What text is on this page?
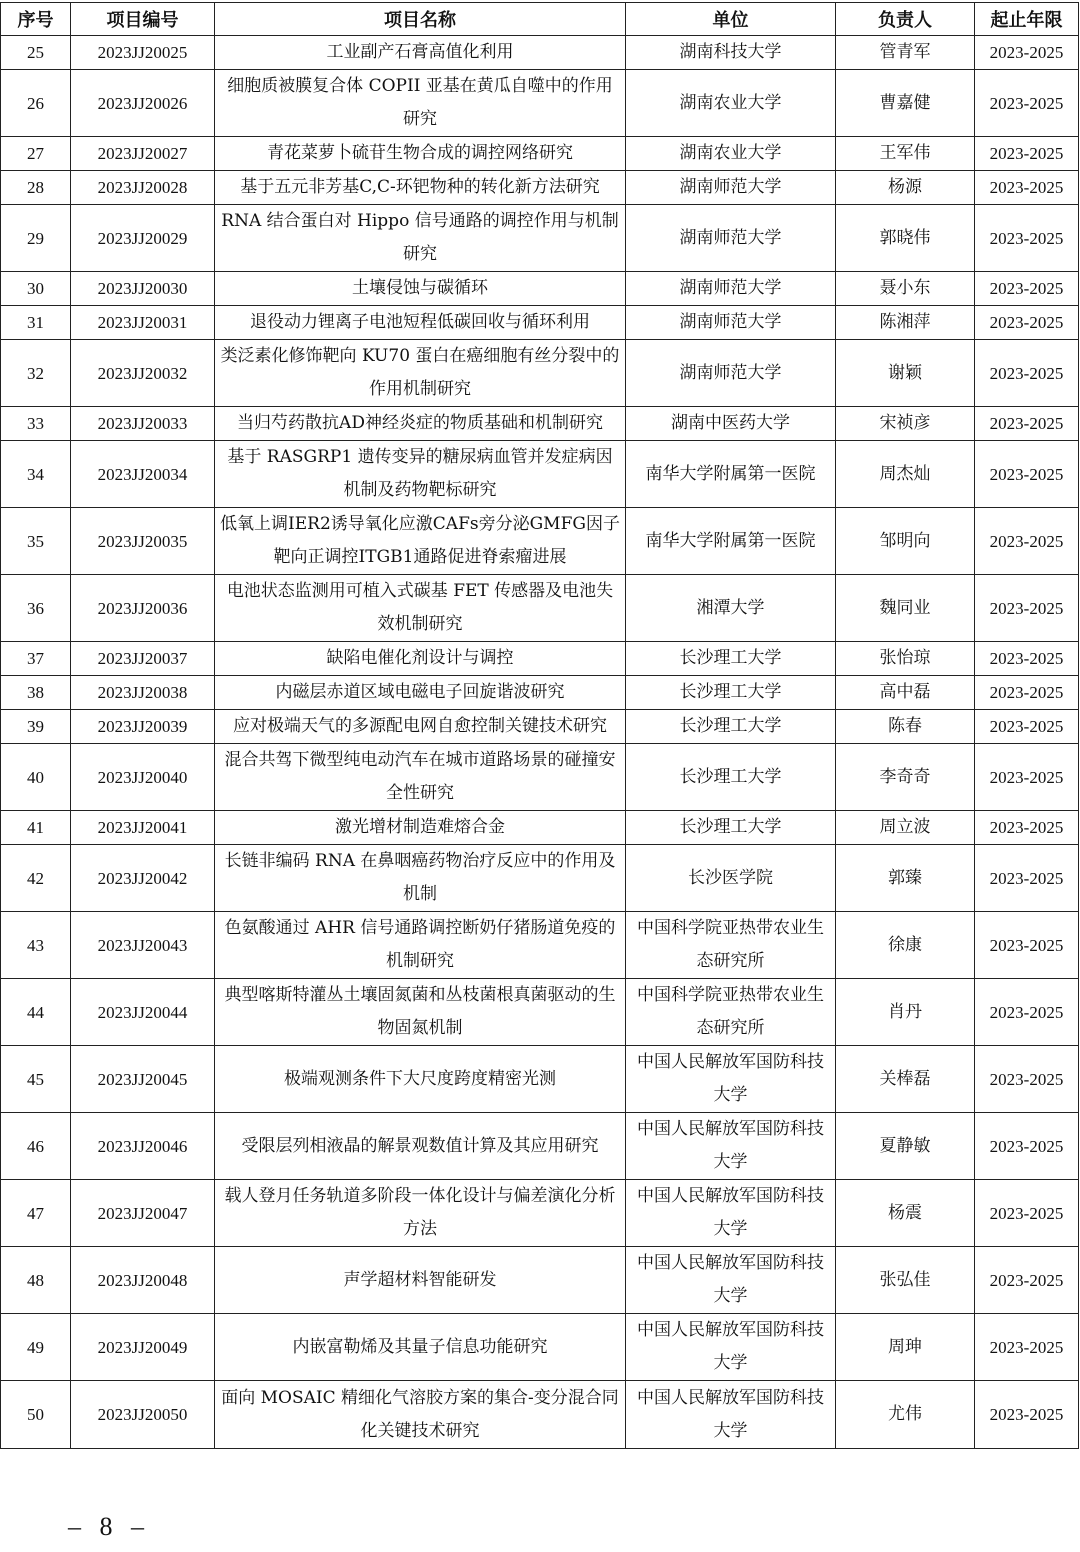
序号	项目编号	项目名称	单位	负责人	起止年限
25	2023JJ20025	工业副产石膏高值化利用	湖南科技大学	管青军	2023-2025
26	2023JJ20026	细胞质被膜复合体 COPII 亚基在黄瓜自噬中的作用研究	湖南农业大学	曹嘉健	2023-2025
27	2023JJ20027	青花菜萝卜硫苷生物合成的调控网络研究	湖南农业大学	王军伟	2023-2025
28	2023JJ20028	基于五元非芳基C,C-环钯物种的转化新方法研究	湖南师范大学	杨源	2023-2025
29	2023JJ20029	RNA 结合蛋白对 Hippo 信号通路的调控作用与机制研究	湖南师范大学	郭晓伟	2023-2025
30	2023JJ20030	土壤侵蚀与碳循环	湖南师范大学	聂小东	2023-2025
31	2023JJ20031	退役动力锂离子电池短程低碳回收与循环利用	湖南师范大学	陈湘萍	2023-2025
32	2023JJ20032	类泛素化修饰靶向 KU70 蛋白在癌细胞有丝分裂中的作用机制研究	湖南师范大学	谢颖	2023-2025
33	2023JJ20033	当归芍药散抗AD神经炎症的物质基础和机制研究	湖南中医药大学	宋祯彦	2023-2025
34	2023JJ20034	基于 RASGRP1 遗传变异的糖尿病血管并发症病因机制及药物靶标研究	南华大学附属第一医院	周杰灿	2023-2025
35	2023JJ20035	低氧上调IER2诱导氧化应激CAFs旁分泌GMFG因子靶向正调控ITGB1通路促进脊索瘤进展	南华大学附属第一医院	邹明向	2023-2025
36	2023JJ20036	电池状态监测用可植入式碳基 FET 传感器及电池失效机制研究	湘潭大学	魏同业	2023-2025
37	2023JJ20037	缺陷电催化剂设计与调控	长沙理工大学	张怡琼	2023-2025
38	2023JJ20038	内磁层赤道区域电磁电子回旋谐波研究	长沙理工大学	高中磊	2023-2025
39	2023JJ20039	应对极端天气的多源配电网自愈控制关键技术研究	长沙理工大学	陈春	2023-2025
40	2023JJ20040	混合共驾下微型纯电动汽车在城市道路场景的碰撞安全性研究	长沙理工大学	李奇奇	2023-2025
41	2023JJ20041	激光增材制造难熔合金	长沙理工大学	周立波	2023-2025
42	2023JJ20042	长链非编码 RNA 在鼻咽癌药物治疗反应中的作用及机制	长沙医学院	郭臻	2023-2025
43	2023JJ20043	色氨酸通过 AHR 信号通路调控断奶仔猪肠道免疫的机制研究	中国科学院亚热带农业生态研究所	徐康	2023-2025
44	2023JJ20044	典型喀斯特灌丛土壤固氮菌和丛枝菌根真菌驱动的生物固氮机制	中国科学院亚热带农业生态研究所	肖丹	2023-2025
45	2023JJ20045	极端观测条件下大尺度跨度精密光测	中国人民解放军国防科技大学	关棒磊	2023-2025
46	2023JJ20046	受限层列相液晶的解景观数值计算及其应用研究	中国人民解放军国防科技大学	夏静敏	2023-2025
47	2023JJ20047	载人登月任务轨道多阶段一体化设计与偏差演化分析方法	中国人民解放军国防科技大学	杨震	2023-2025
48	2023JJ20048	声学超材料智能研发	中国人民解放军国防科技大学	张弘佳	2023-2025
49	2023JJ20049	内嵌富勒烯及其量子信息功能研究	中国人民解放军国防科技大学	周珅	2023-2025
50	2023JJ20050	面向 MOSAIC 精细化气溶胶方案的集合-变分混合同化关键技术研究	中国人民解放军国防科技大学	尤伟	2023-2025
– 8 –
